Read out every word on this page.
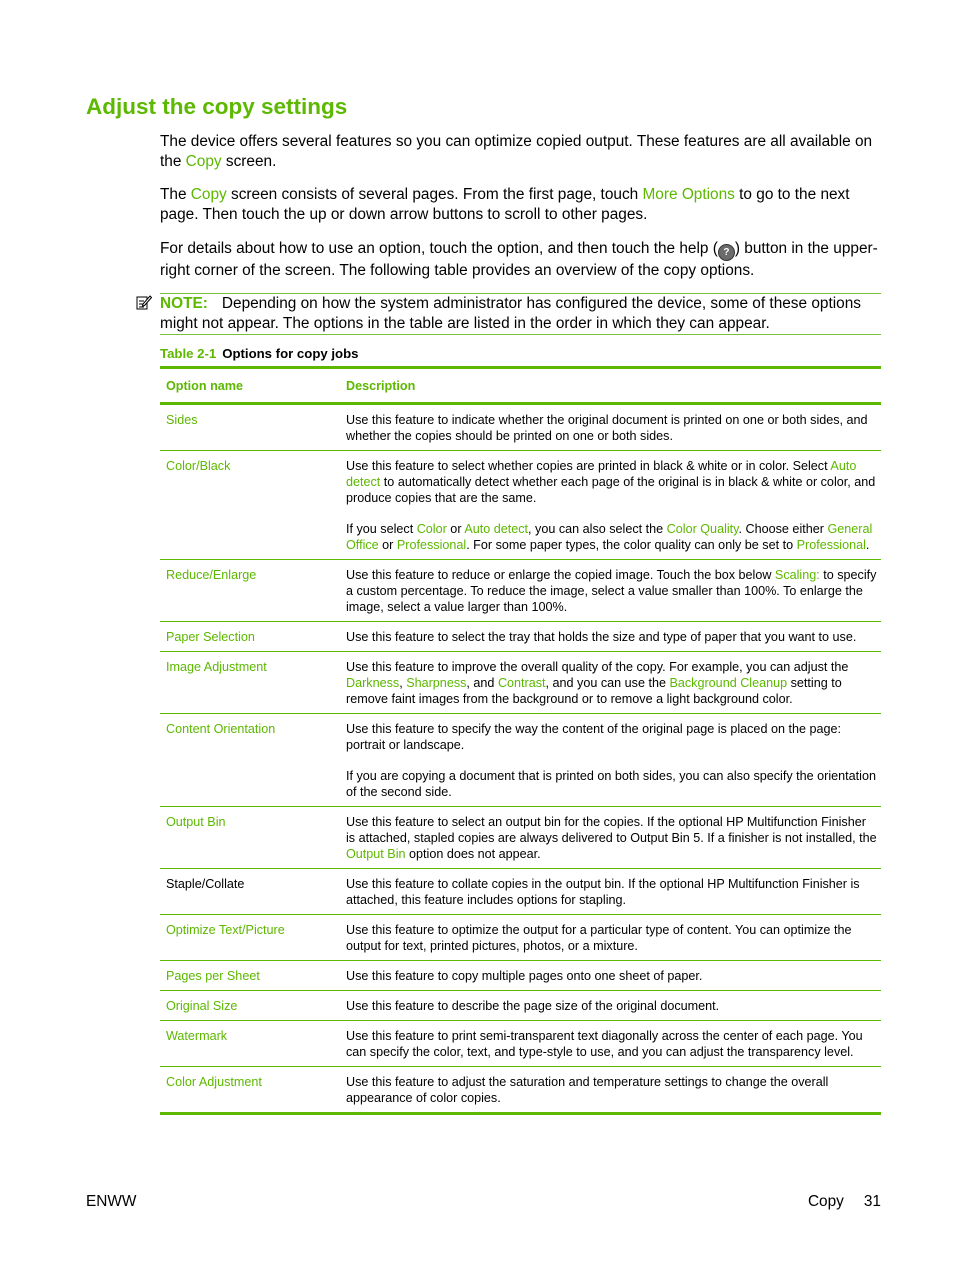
Adjust the copy settings

The device offers several features so you can optimize copied output. These features are all available on the Copy screen.

The Copy screen consists of several pages. From the first page, touch More Options to go to the next page. Then touch the up or down arrow buttons to scroll to other pages.

For details about how to use an option, touch the option, and then touch the help ( ? ) button in the upper-right corner of the screen. The following table provides an overview of the copy options.

NOTE: Depending on how the system administrator has configured the device, some of these options might not appear. The options in the table are listed in the order in which they can appear.

Table 2-1 Options for copy jobs
Option name	Description
Sides	Use this feature to indicate whether the original document is printed on one or both sides, and whether the copies should be printed on one or both sides.

Color/Black	Use this feature to select whether copies are printed in black & white or in color. Select Auto detect to automatically detect whether each page of the original is in black & white or color, and produce copies that are the same.

If you select Color or Auto detect, you can also select the Color Quality. Choose either General Office or Professional. For some paper types, the color quality can only be set to Professional.

Reduce/Enlarge	Use this feature to reduce or enlarge the copied image. Touch the box below Scaling: to specify a custom percentage. To reduce the image, select a value smaller than 100%. To enlarge the image, select a value larger than 100%.

Paper Selection	Use this feature to select the tray that holds the size and type of paper that you want to use.

Image Adjustment	Use this feature to improve the overall quality of the copy. For example, you can adjust the Darkness, Sharpness, and Contrast, and you can use the Background Cleanup setting to remove faint images from the background or to remove a light background color.

Content Orientation	Use this feature to specify the way the content of the original page is placed on the page: portrait or landscape.

If you are copying a document that is printed on both sides, you can also specify the orientation of the second side.

Output Bin	Use this feature to select an output bin for the copies. If the optional HP Multifunction Finisher is attached, stapled copies are always delivered to Output Bin 5. If a finisher is not installed, the Output Bin option does not appear.

Staple/Collate	Use this feature to collate copies in the output bin. If the optional HP Multifunction Finisher is attached, this feature includes options for stapling.

Optimize Text/Picture	Use this feature to optimize the output for a particular type of content. You can optimize the output for text, printed pictures, photos, or a mixture.

Pages per Sheet	Use this feature to copy multiple pages onto one sheet of paper.

Original Size	Use this feature to describe the page size of the original document.

Watermark	Use this feature to print semi-transparent text diagonally across the center of each page. You can specify the color, text, and type-style to use, and you can adjust the transparency level.

Color Adjustment	Use this feature to adjust the saturation and temperature settings to change the overall appearance of color copies.

ENWW	Copy 31
